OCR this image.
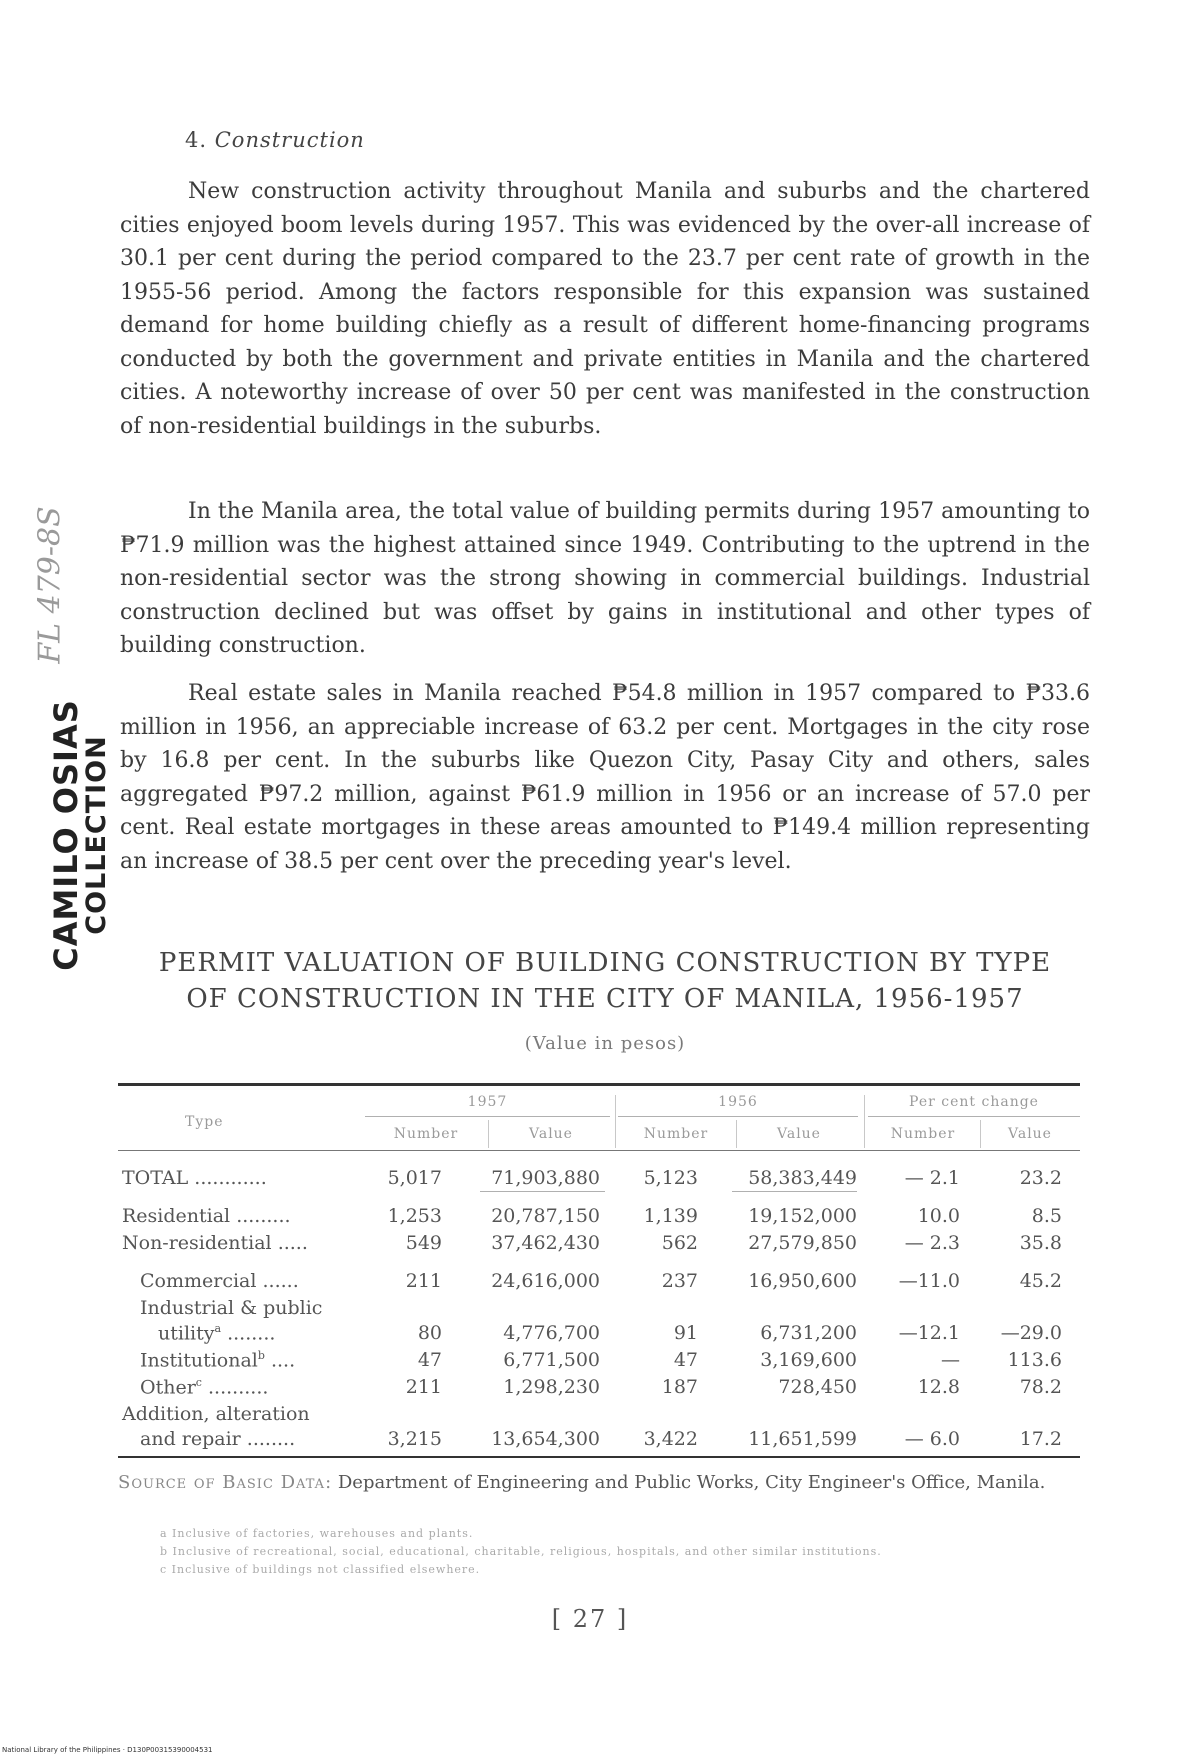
4. Construction

New construction activity throughout Manila and suburbs and the chartered cities enjoyed boom levels during 1957. This was evidenced by the over-all increase of 30.1 per cent during the period compared to the 23.7 per cent rate of growth in the 1955-56 period. Among the factors responsible for this expansion was sustained demand for home building chiefly as a result of different home-financing programs conducted by both the government and private entities in Manila and the chartered cities. A noteworthy increase of over 50 per cent was manifested in the construction of non-residential buildings in the suburbs.

In the Manila area, the total value of building permits during 1957 amounting to ₱71.9 million was the highest attained since 1949. Contributing to the uptrend in the non-residential sector was the strong showing in commercial buildings. Industrial construction declined but was offset by gains in institutional and other types of building construction.

Real estate sales in Manila reached ₱54.8 million in 1957 compared to ₱33.6 million in 1956, an appreciable increase of 63.2 per cent. Mortgages in the city rose by 16.8 per cent. In the suburbs like Quezon City, Pasay City and others, sales aggregated ₱97.2 million, against ₱61.9 million in 1956 or an increase of 57.0 per cent. Real estate mortgages in these areas amounted to ₱149.4 million representing an increase of 38.5 per cent over the preceding year's level.

FL 479-8S
CAMILO OSIAS
COLLECTION
PERMIT VALUATION OF BUILDING CONSTRUCTION BY TYPE
OF CONSTRUCTION IN THE CITY OF MANILA, 1956-1957
(Value in pesos)
Type
1957	1956	Per cent change
Number	Value	Number	Value	Number	Value
TOTAL ............	5,017	71,903,880	5,123	58,383,449	— 2.1	23.2
Residential .........	1,253	20,787,150	1,139	19,152,000	10.0	8.5
Non-residential .....	549	37,462,430	562	27,579,850	— 2.3	35.8
Commercial ......	211	24,616,000	237	16,950,600	—11.0	45.2
Industrial & public
utility$^a$ ........	80	4,776,700	91	6,731,200	—12.1	—29.0
Institutional$^b$ ....	47	6,771,500	47	3,169,600	—	113.6
Other$^c$ ..........	211	1,298,230	187	728,450	12.8	78.2
Addition, alteration
and repair ........	3,215	13,654,300	3,422	11,651,599	— 6.0	17.2
Source of Basic Data: Department of Engineering and Public Works, City Engineer's Office, Manila.
a Inclusive of factories, warehouses and plants.
b Inclusive of recreational, social, educational, charitable, religious, hospitals, and other similar institutions.
c Inclusive of buildings not classified elsewhere.
[ 27 ]
National Library of the Philippines · D130P00315390004531
